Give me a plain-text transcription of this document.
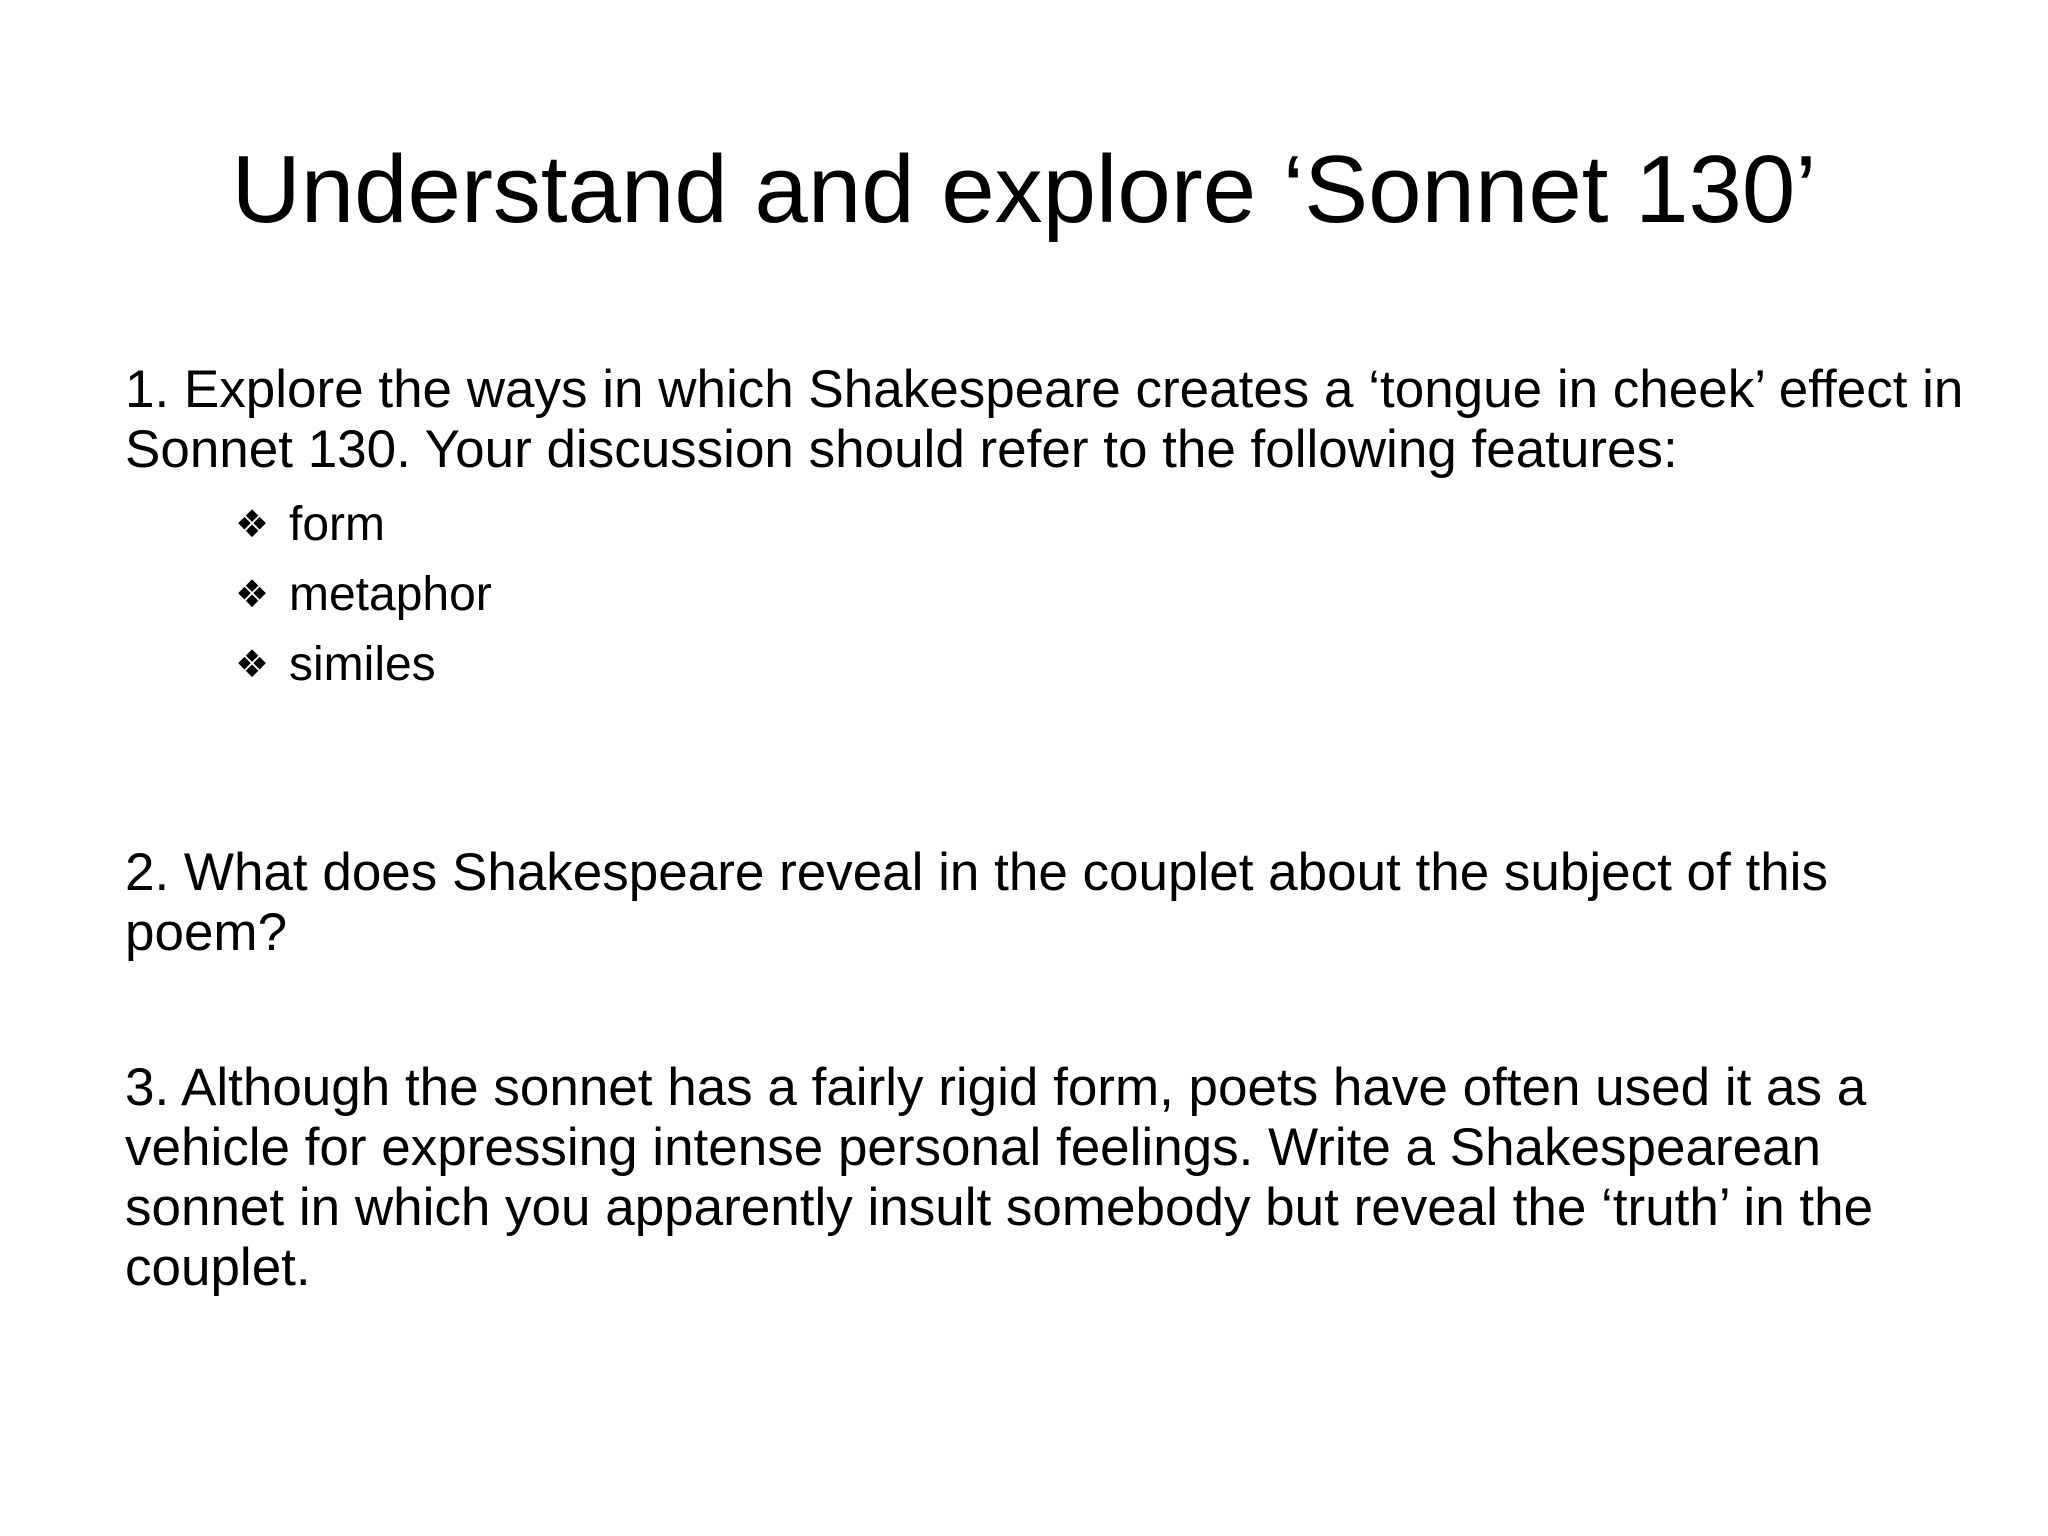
Understand and explore ‘Sonnet 130’

1. Explore the ways in which Shakespeare creates a ‘tongue in cheek’ effect in Sonnet 130. Your discussion should refer to the following features:

❖ form
❖ metaphor
❖ similes

2. What does Shakespeare reveal in the couplet about the subject of this poem?

3. Although the sonnet has a fairly rigid form, poets have often used it as a vehicle for expressing intense personal feelings. Write a Shakespearean sonnet in which you apparently insult somebody but reveal the ‘truth’ in the couplet.
